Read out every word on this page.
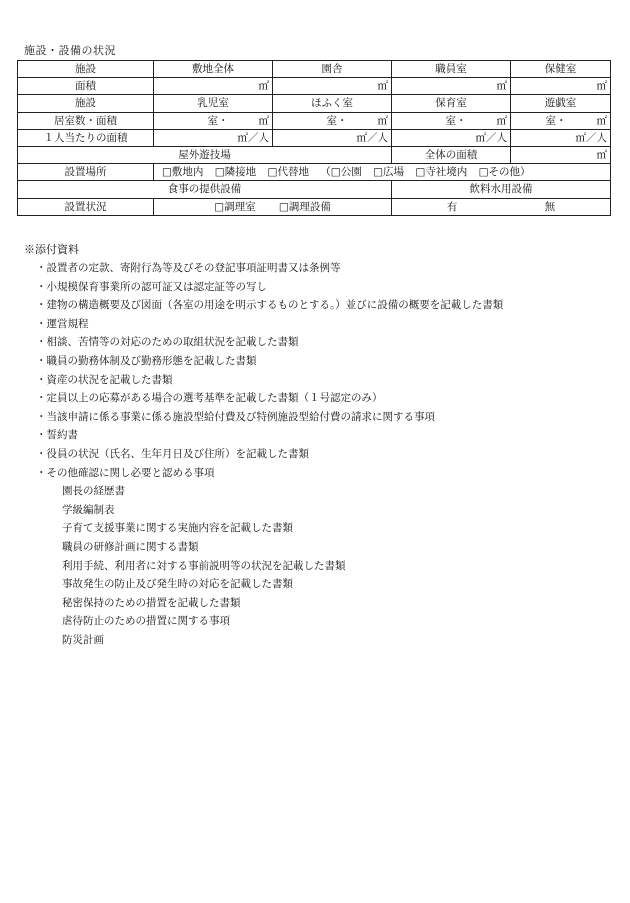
施設・設備の状況
施設	敷地全体	園舎	職員室	保健室
面積	㎡	㎡	㎡	㎡
施設	乳児室	ほふく室	保育室	遊戯室
居室数・面積	室・ ㎡	室・ ㎡	室・ ㎡	室・ ㎡
１人当たりの面積	㎡／人	㎡／人	㎡／人	㎡／人
屋外遊技場			全体の面積	㎡
設置場所	□敷地内 □隣接地 □代替地 （□公園 □広場 □寺社境内 □その他）			
食事の提供設備			飲料水用設備	
設置状況	□調理室 □調理設備		有 無	
※添付資料
・設置者の定款、寄附行為等及びその登記事項証明書又は条例等
・小規模保育事業所の認可証又は認定証等の写し
・建物の構造概要及び図面（各室の用途を明示するものとする。）並びに設備の概要を記載した書類
・運営規程
・相談、苦情等の対応のための取組状況を記載した書類
・職員の勤務体制及び勤務形態を記載した書類
・資産の状況を記載した書類
・定員以上の応募がある場合の選考基準を記載した書類（１号認定のみ）
・当該申請に係る事業に係る施設型給付費及び特例施設型給付費の請求に関する事項
・誓約書
・役員の状況（氏名、生年月日及び住所）を記載した書類
・その他確認に関し必要と認める事項
園長の経歴書
学級編制表
子育て支援事業に関する実施内容を記載した書類
職員の研修計画に関する書類
利用手続、利用者に対する事前説明等の状況を記載した書類
事故発生の防止及び発生時の対応を記載した書類
秘密保持のための措置を記載した書類
虐待防止のための措置に関する事項
防災計画
